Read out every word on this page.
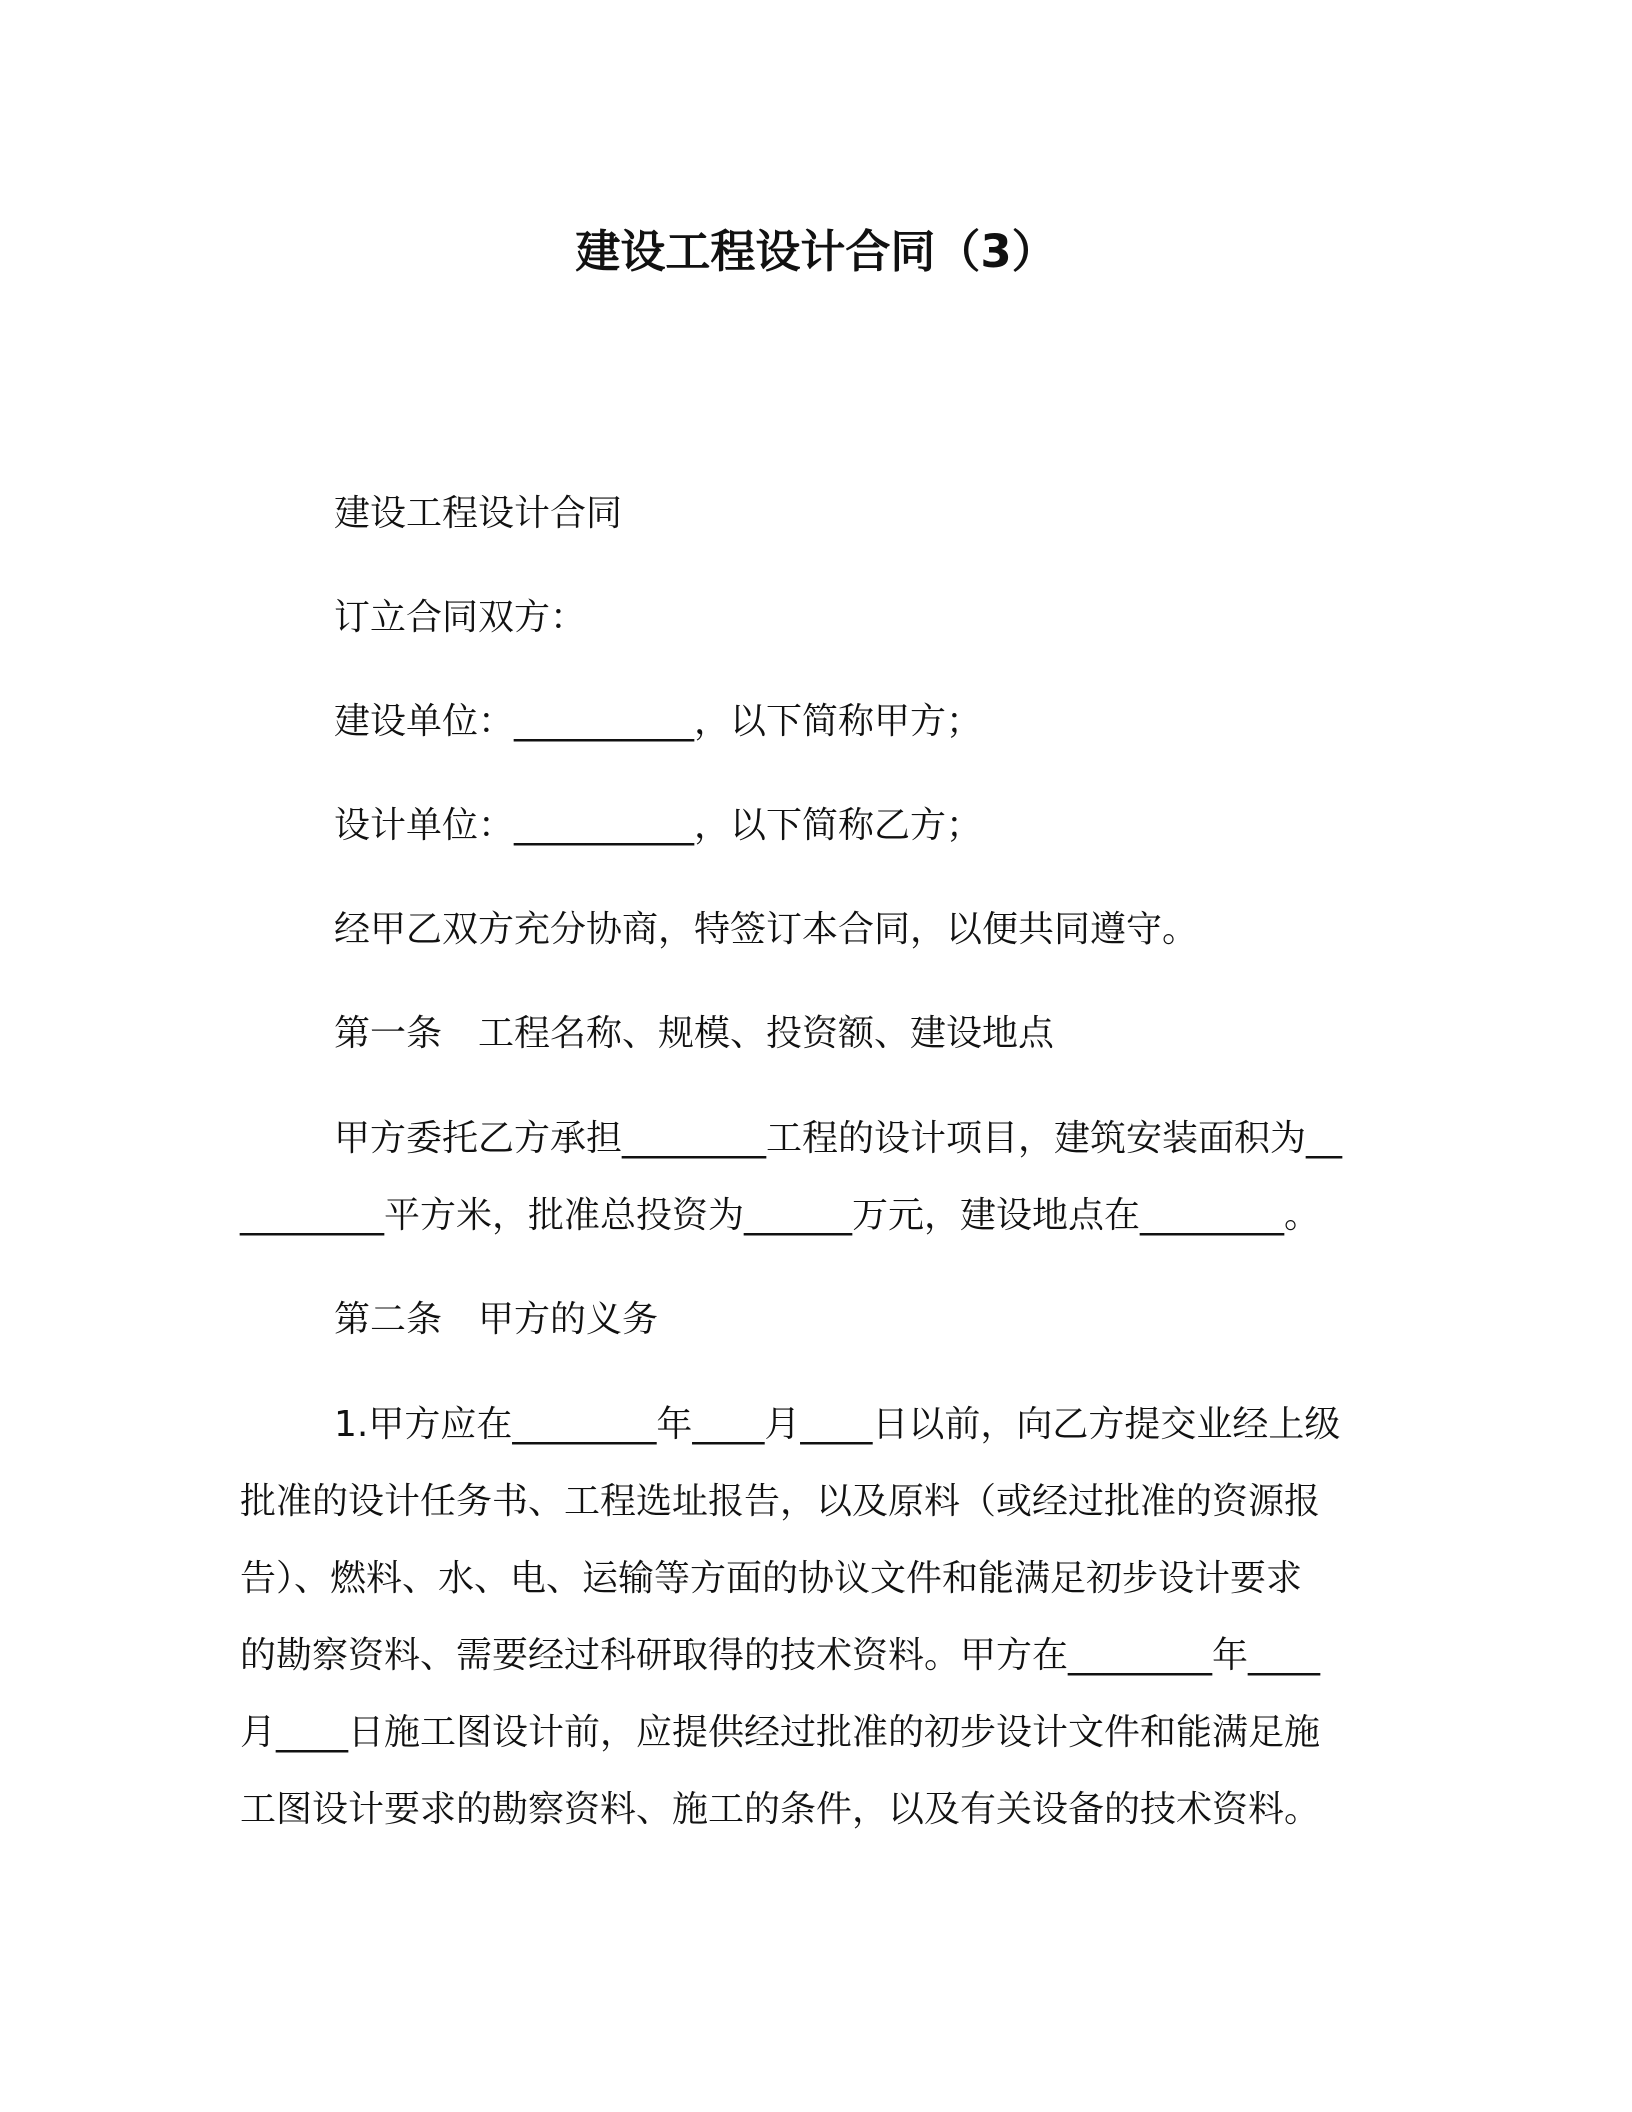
建设工程设计合同（3）

建设工程设计合同

订立合同双方：

建设单位：__________，以下简称甲方；

设计单位：__________，以下简称乙方；

经甲乙双方充分协商，特签订本合同，以便共同遵守。

第一条　工程名称、规模、投资额、建设地点

甲方委托乙方承担________工程的设计项目，建筑安装面积为__
________平方米，批准总投资为______万元，建设地点在________。

第二条　甲方的义务

1.甲方应在________年____月____日以前，向乙方提交业经上级
批准的设计任务书、工程选址报告，以及原料（或经过批准的资源报
告）、燃料、水、电、运输等方面的协议文件和能满足初步设计要求
的勘察资料、需要经过科研取得的技术资料。甲方在________年____
月____日施工图设计前，应提供经过批准的初步设计文件和能满足施
工图设计要求的勘察资料、施工的条件，以及有关设备的技术资料。
